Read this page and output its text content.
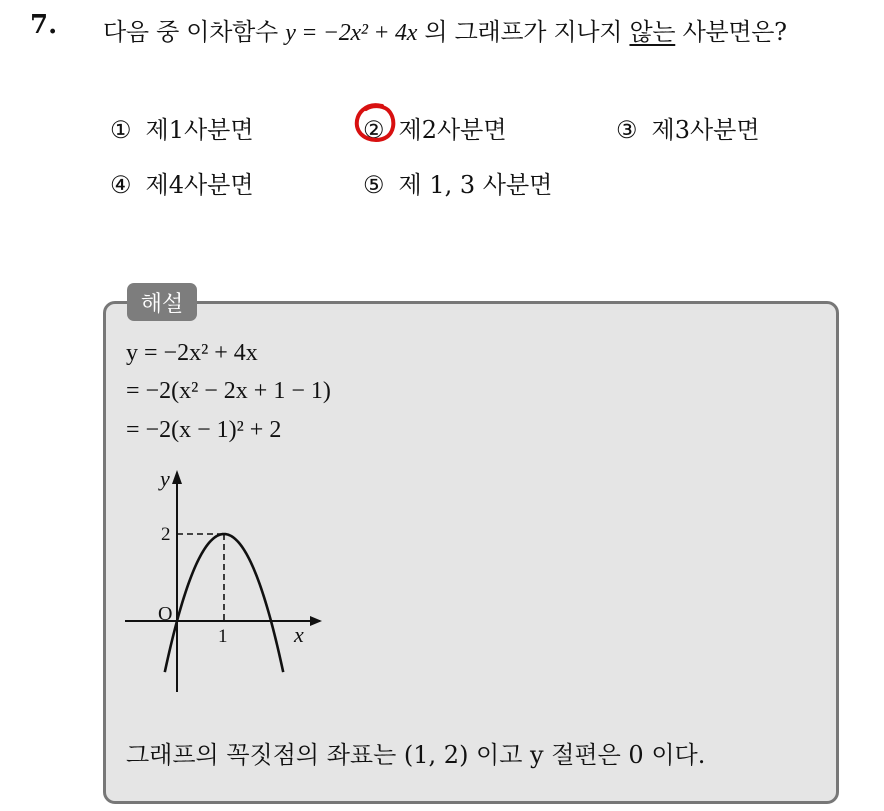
7. 다음 중 이차함수 y = −2x² + 4x 의 그래프가 지나지 않는 사분면은?
① 제1사분면	② 제2사분면	③ 제3사분면
④ 제4사분면	⑤ 제 1, 3 사분면
해설
y = −2x² + 4x
= −2(x² − 2x + 1 − 1)
= −2(x − 1)² + 2
y
x
O
1
2
그래프의 꼭짓점의 좌표는 (1, 2) 이고 y 절편은 0 이다.
